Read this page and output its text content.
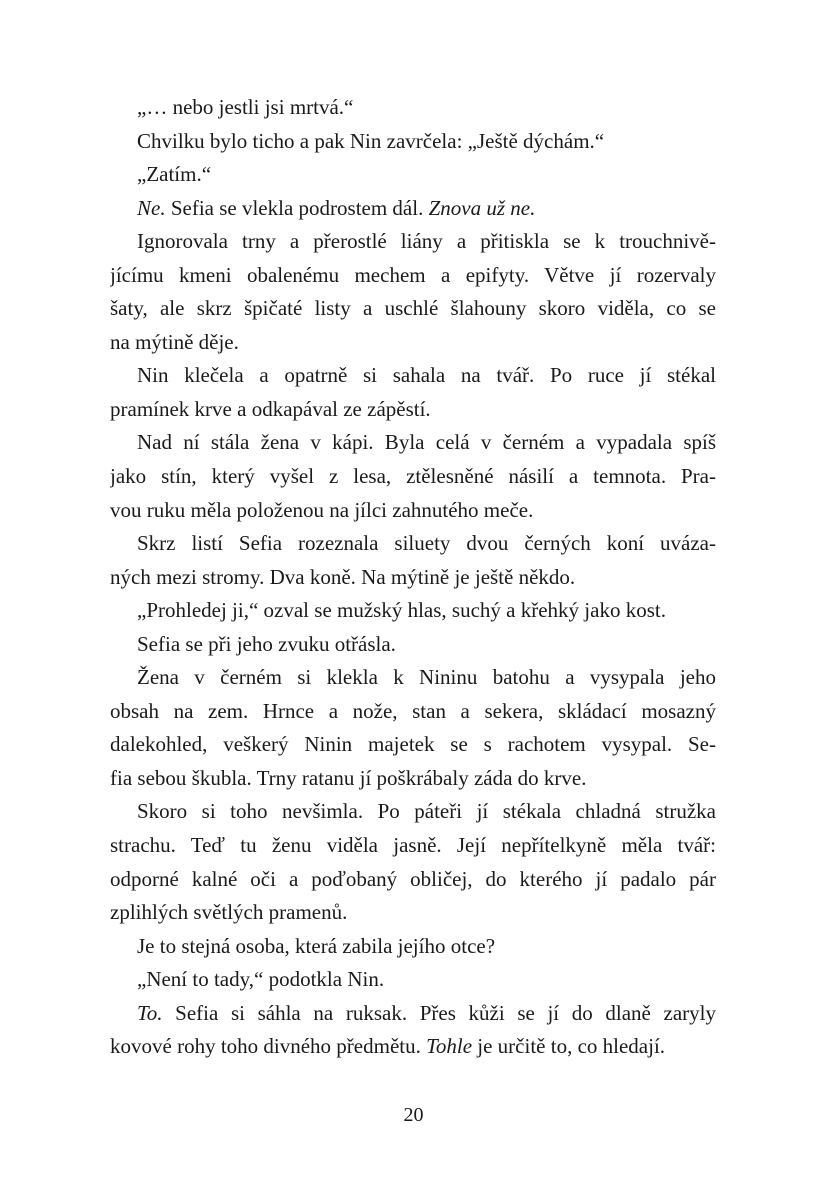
„… nebo jestli jsi mrtvá.“
Chvilku bylo ticho a pak Nin zavrčela: „Ještě dýchám.“
„Zatím.“
Ne. Sefia se vlekla podrostem dál. Znova už ne.
Ignorovala trny a přerostlé liány a přitiskla se k trouchnivě-
jícímu kmeni obalenému mechem a epifyty. Větve jí rozervaly
šaty, ale skrz špičaté listy a uschlé šlahouny skoro viděla, co se
na mýtině děje.
Nin klečela a opatrně si sahala na tvář. Po ruce jí stékal
pramínek krve a odkapával ze zápěstí.
Nad ní stála žena v kápi. Byla celá v černém a vypadala spíš
jako stín, který vyšel z lesa, ztělesněné násilí a temnota. Pra-
vou ruku měla položenou na jílci zahnutého meče.
Skrz listí Sefia rozeznala siluety dvou černých koní uváza-
ných mezi stromy. Dva koně. Na mýtině je ještě někdo.
„Prohledej ji,“ ozval se mužský hlas, suchý a křehký jako kost.
Sefia se při jeho zvuku otřásla.
Žena v černém si klekla k Nininu batohu a vysypala jeho
obsah na zem. Hrnce a nože, stan a sekera, skládací mosazný
dalekohled, veškerý Ninin majetek se s rachotem vysypal. Se-
fia sebou škubla. Trny ratanu jí poškrábaly záda do krve.
Skoro si toho nevšimla. Po páteři jí stékala chladná stružka
strachu. Teď tu ženu viděla jasně. Její nepřítelkyně měla tvář:
odporné kalné oči a poďobaný obličej, do kterého jí padalo pár
zplihlých světlých pramenů.
Je to stejná osoba, která zabila jejího otce?
„Není to tady,“ podotkla Nin.
To. Sefia si sáhla na ruksak. Přes kůži se jí do dlaně zaryly
kovové rohy toho divného předmětu. Tohle je určitě to, co hledají.
20
